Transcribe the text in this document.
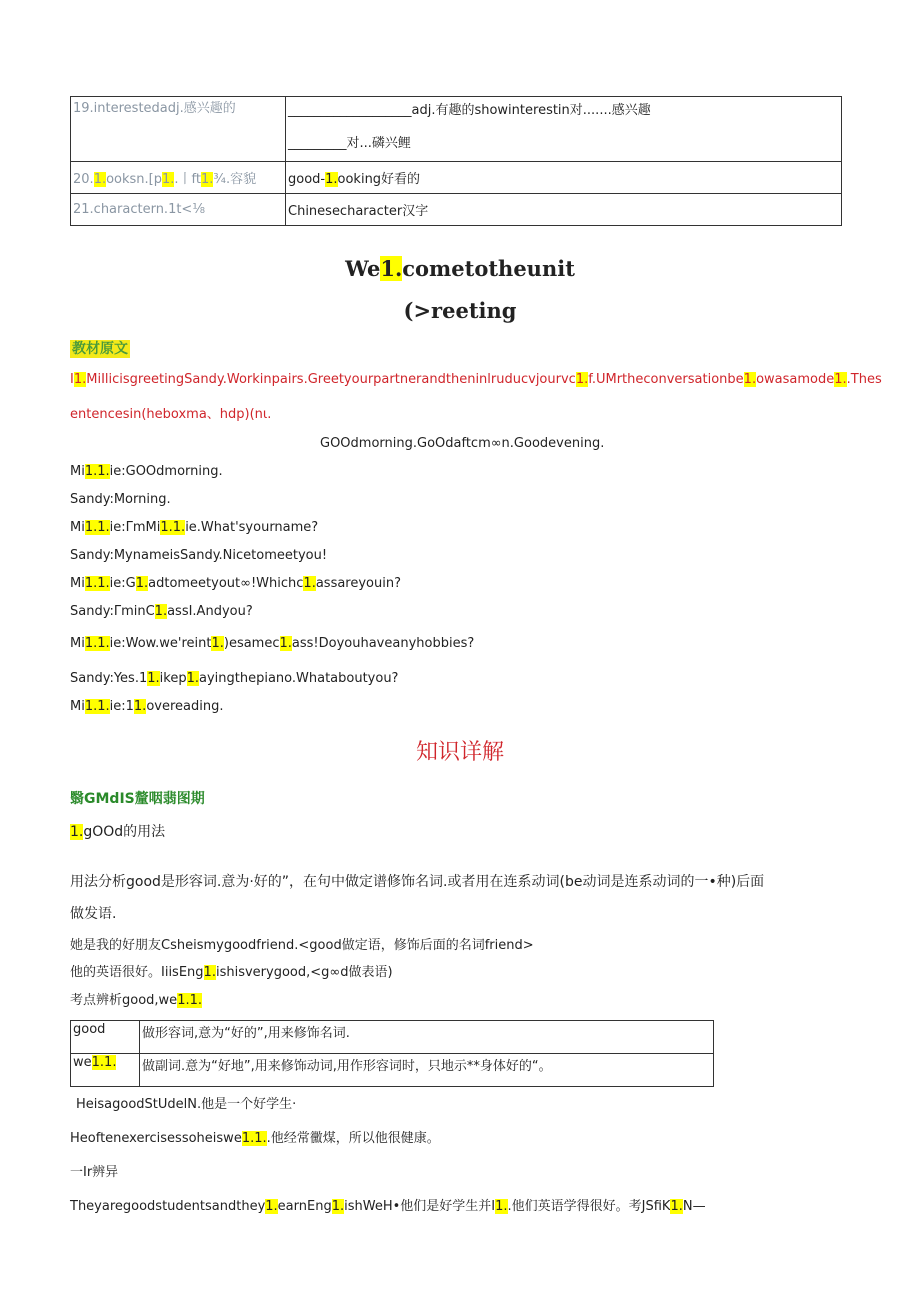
19.interestedadj.感兴趣的	___________________adj.有趣的showinterestin对.......感兴趣
_________对...磷兴鲤

20.1.ooksn.[p1..丨ft1.¾.容貌	good-1.ooking好看的
21.charactern.1t<⅛	Chinesecharacter汉字
We1.cometotheunit
(>reeting
教材原文
I1.MiIlicisgreetingSandy.Workinpairs.Greetyourpartnerandtheninlruducvjourvc1.f.UMrtheconversationbe1.owasamode1..Thes
entencesin(heboxma、hdp)(nι.
GOOdmorning.GoOdaftcm∞n.Goodevening.
Mi1.1.ie:GOOdmorning.
Sandy:Morning.
Mi1.1.ie:ΓmMi1.1.ie.What'syourname?
Sandy:MynameisSandy.Nicetomeetyou!
Mi1.1.ie:G1.adtomeetyout∞!Whichc1.assareyouin?
Sandy:ΓminC1.assI.Andyou?
Mi1.1.ie:Wow.we'reint1.)esamec1.ass!Doyouhaveanyhobbies?
Sandy:Yes.11.ikep1.ayingthepiano.Whataboutyou?
Mi1.1.ie:11.overeading.
知识详解
翳GMdIS釐咽翡图期
1.gOOd的用法
用法分析good是形容词.意为·好的”，在句中做定谱修饰名词.或者用在连系动词(be动词是连系动词的一•种)后面
做发语.
她是我的好朋友Csheismygoodfriend.<good做定语，修饰后面的名词friend>
他的英语很好。IiisEng1.ishisverygood,<g∞d做表语)
考点辨析good,we1.1.
good	做形容词,意为“好的”,用来修饰名词.
we1.1.	做副词.意为“好地”,用来修饰动词,用作形容词时，只地示**身体好的“。
HeisagoodStUdelN.他是一个好学生·
Heoftenexercisessoheiswe1.1..他经常黴煤，所以他很健康。
一Ir辨异
Theyaregoodstudentsandthey1.earnEng1.ishWeH•他们是好学生并I1..他们英语学得很好。考JSfiK1.N—
